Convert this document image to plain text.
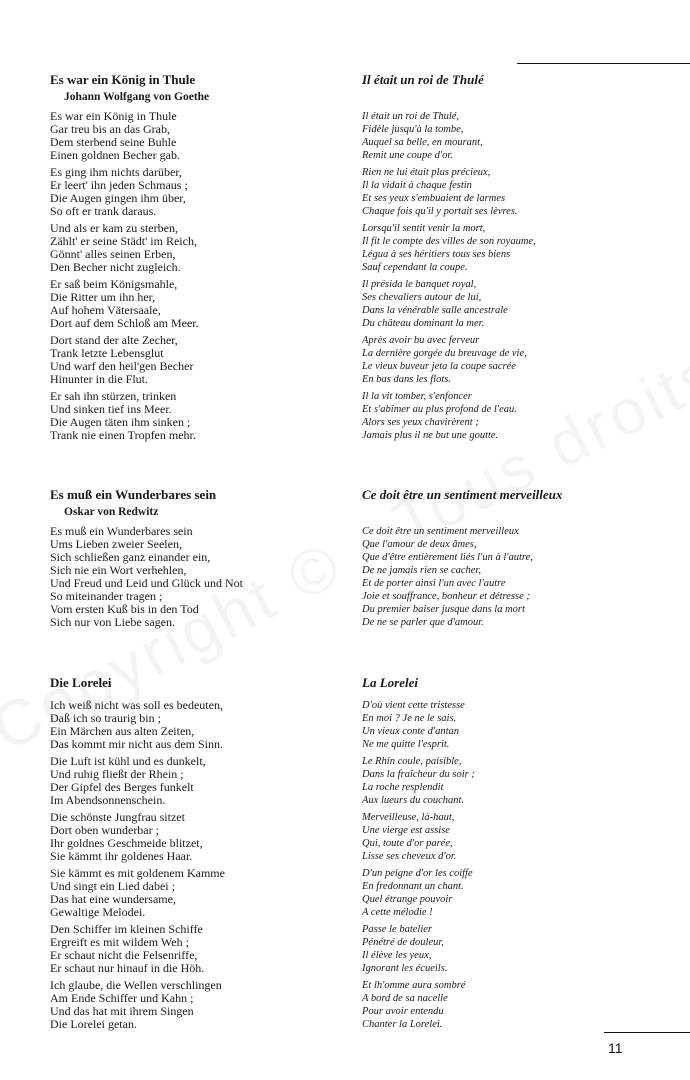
Es war ein König in Thule
Johann Wolfgang von Goethe
Es war ein König in Thule
Gar treu bis an das Grab,
Dem sterbend seine Buhle
Einen goldnen Becher gab.
Es ging ihm nichts darüber,
Er leert' ihn jeden Schmaus ;
Die Augen gingen ihm über,
So oft er trank daraus.
Und als er kam zu sterben,
Zählt' er seine Städt' im Reich,
Gönnt' alles seinen Erben,
Den Becher nicht zugleich.
Er saß beim Königsmahle,
Die Ritter um ihn her,
Auf hohem Vätersaale,
Dort auf dem Schloß am Meer.
Dort stand der alte Zecher,
Trank letzte Lebensglut
Und warf den heil'gen Becher
Hinunter in die Flut.
Er sah ihn stürzen, trinken
Und sinken tief ins Meer.
Die Augen täten ihm sinken ;
Trank nie einen Tropfen mehr.
Il était un roi de Thulé
Il était un roi de Thulé,
Fidèle jusqu'à la tombe,
Auquel sa belle, en mourant,
Remit une coupe d'or.
Rien ne lui était plus précieux,
Il la vidait à chaque festin
Et ses yeux s'embuaient de larmes
Chaque fois qu'il y portait ses lèvres.
Lorsqu'il sentit venir la mort,
Il fit le compte des villes de son royaume,
Légua à ses héritiers tous ses biens
Sauf cependant la coupe.
Il présida le banquet royal,
Ses chevaliers autour de lui,
Dans la vénérable salle ancestrale
Du château dominant la mer.
Après avoir bu avec ferveur
La dernière gorgée du breuvage de vie,
Le vieux buveur jeta la coupe sacrée
En bas dans les flots.
Il la vit tomber, s'enfoncer
Et s'abîmer au plus profond de l'eau.
Alors ses yeux chavirèrent ;
Jamais plus il ne but une goutte.
Es muß ein Wunderbares sein
Oskar von Redwitz
Es muß ein Wunderbares sein
Ums Lieben zweier Seelen,
Sich schließen ganz einander ein,
Sich nie ein Wort verhehlen,
Und Freud und Leid und Glück und Not
So miteinander tragen ;
Vom ersten Kuß bis in den Tod
Sich nur von Liebe sagen.
Ce doit être un sentiment merveilleux
Ce doit être un sentiment merveilleux
Que l'amour de deux âmes,
Que d'être entièrement liés l'un à l'autre,
De ne jamais rien se cacher,
Et de porter ainsi l'un avec l'autre
Joie et souffrance, bonheur et détresse ;
Du premier baiser jusque dans la mort
De ne se parler que d'amour.
Die Lorelei
Ich weiß nicht was soll es bedeuten,
Daß ich so traurig bin ;
Ein Märchen aus alten Zeiten,
Das kommt mir nicht aus dem Sinn.
Die Luft ist kühl und es dunkelt,
Und ruhig fließt der Rhein ;
Der Gipfel des Berges funkelt
Im Abendsonnenschein.
Die schönste Jungfrau sitzet
Dort oben wunderbar ;
Ihr goldnes Geschmeide blitzet,
Sie kämmt ihr goldenes Haar.
Sie kämmt es mit goldenem Kamme
Und singt ein Lied dabei ;
Das hat eine wundersame,
Gewaltige Melodei.
Den Schiffer im kleinen Schiffe
Ergreift es mit wildem Weh ;
Er schaut nicht die Felsenriffe,
Er schaut nur hinauf in die Höh.
Ich glaube, die Wellen verschlingen
Am Ende Schiffer und Kahn ;
Und das hat mit ihrem Singen
Die Lorelei getan.
La Lorelei
D'où vient cette tristesse
En moi ? Je ne le sais.
Un vieux conte d'antan
Ne me quitte l'esprit.
Le Rhin coule, paisible,
Dans la fraîcheur du soir ;
La roche resplendit
Aux lueurs du couchant.
Merveilleuse, là-haut,
Une vierge est assise
Qui, toute d'or parée,
Lisse ses cheveux d'or.
D'un peigne d'or les coiffe
En fredonnant un chant.
Quel étrange pouvoir
A cette mélodie !
Passe le batelier
Pénétré de douleur,
Il élève les yeux,
Ignorant les écueils.
Et lh'omme aura sombré
A bord de sa nacelle
Pour avoir entendu
Chanter la Lorelei.
11
